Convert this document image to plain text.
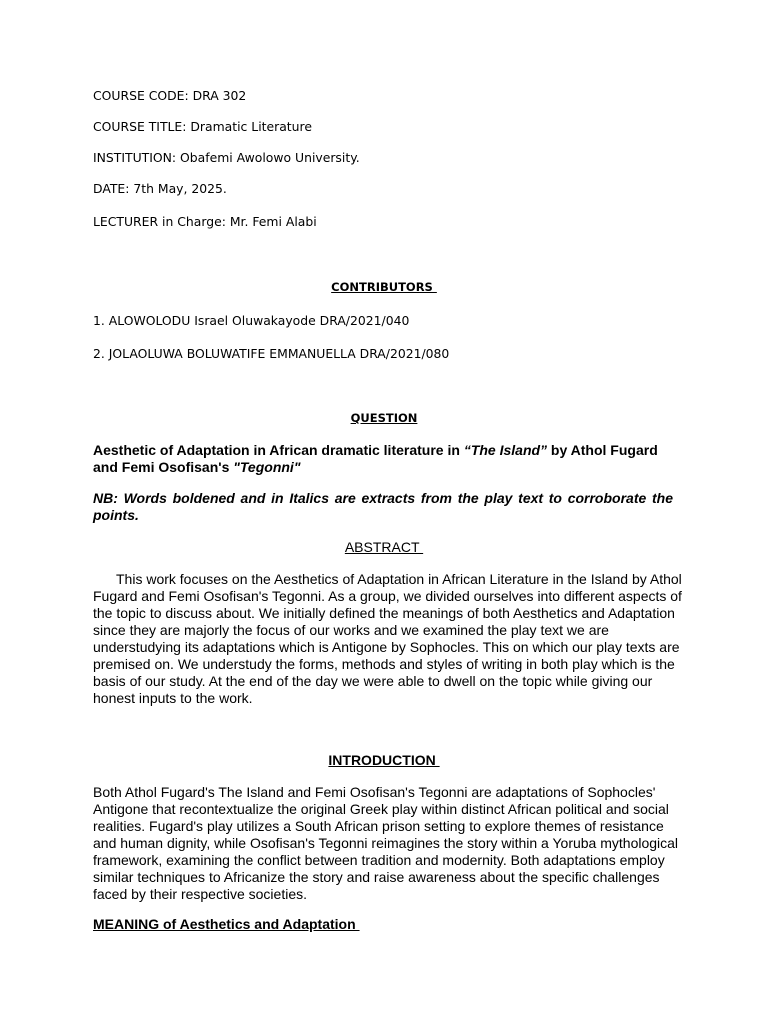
COURSE CODE: DRA 302
COURSE TITLE: Dramatic Literature
INSTITUTION: Obafemi Awolowo University.
DATE: 7th May, 2025.
LECTURER in Charge: Mr. Femi Alabi
CONTRIBUTORS
1. ALOWOLODU Israel Oluwakayode DRA/2021/040
2. JOLAOLUWA BOLUWATIFE EMMANUELLA DRA/2021/080
QUESTION
Aesthetic of Adaptation in African dramatic literature in “The Island” by Athol Fugard and Femi Osofisan's "Tegonni"
NB: Words boldened and in Italics are extracts from the play text to corroborate the points.
ABSTRACT
This work focuses on the Aesthetics of Adaptation in African Literature in the Island by Athol Fugard and Femi Osofisan's Tegonni. As a group, we divided ourselves into different aspects of the topic to discuss about. We initially defined the meanings of both Aesthetics and Adaptation since they are majorly the focus of our works and we examined the play text we are understudying its adaptations which is Antigone by Sophocles. This on which our play texts are premised on. We understudy the forms, methods and styles of writing in both play which is the basis of our study. At the end of the day we were able to dwell on the topic while giving our honest inputs to the work.
INTRODUCTION
Both Athol Fugard's The Island and Femi Osofisan's Tegonni are adaptations of Sophocles' Antigone that recontextualize the original Greek play within distinct African political and social realities. Fugard's play utilizes a South African prison setting to explore themes of resistance and human dignity, while Osofisan's Tegonni reimagines the story within a Yoruba mythological framework, examining the conflict between tradition and modernity. Both adaptations employ similar techniques to Africanize the story and raise awareness about the specific challenges faced by their respective societies.
MEANING of Aesthetics and Adaptation
